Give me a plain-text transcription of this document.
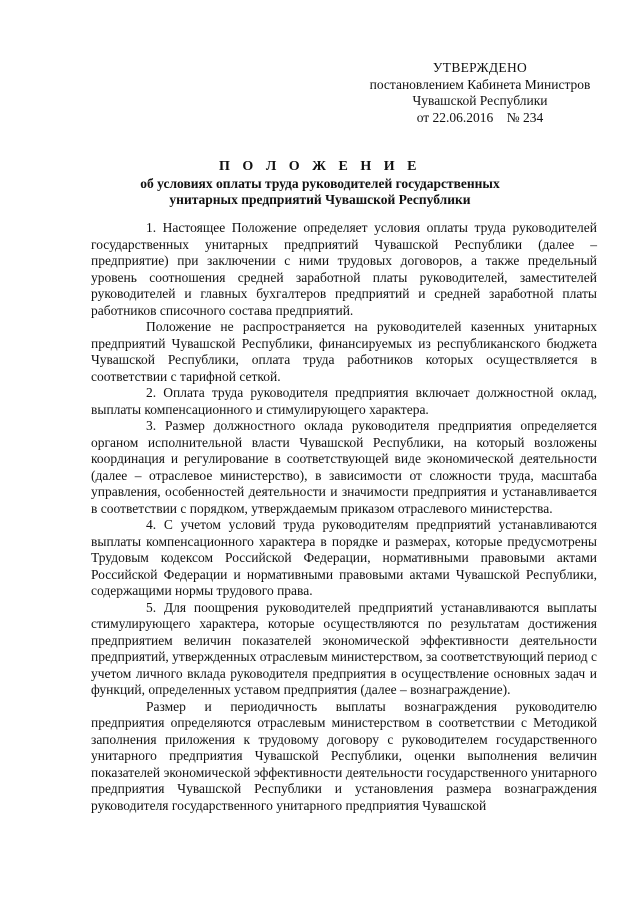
УТВЕРЖДЕНО
постановлением Кабинета Министров
Чувашской Республики
от 22.06.2016    № 234
П О Л О Ж Е Н И Е
об условиях оплаты труда руководителей государственных
унитарных предприятий Чувашской Республики

1. Настоящее Положение определяет условия оплаты труда руководителей государственных унитарных предприятий Чувашской Республики (далее – предприятие) при заключении с ними трудовых договоров, а также предельный уровень соотношения средней заработной платы руководителей, заместителей руководителей и главных бухгалтеров предприятий и средней заработной платы работников списочного состава предприятий.

Положение не распространяется на руководителей казенных унитарных предприятий Чувашской Республики, финансируемых из республиканского бюджета Чувашской Республики, оплата труда работников которых осуществляется в соответствии с тарифной сеткой.

2. Оплата труда руководителя предприятия включает должностной оклад, выплаты компенсационного и стимулирующего характера.

3. Размер должностного оклада руководителя предприятия определяется органом исполнительной власти Чувашской Республики, на который возложены координация и регулирование в соответствующей виде экономической деятельности (далее – отраслевое министерство), в зависимости от сложности труда, масштаба управления, особенностей деятельности и значимости предприятия и устанавливается в соответствии с порядком, утверждаемым приказом отраслевого министерства.

4. С учетом условий труда руководителям предприятий устанавливаются выплаты компенсационного характера в порядке и размерах, которые предусмотрены Трудовым кодексом Российской Федерации, нормативными правовыми актами Российской Федерации и нормативными правовыми актами Чувашской Республики, содержащими нормы трудового права.

5. Для поощрения руководителей предприятий устанавливаются выплаты стимулирующего характера, которые осуществляются по результатам достижения предприятием величин показателей экономической эффективности деятельности предприятий, утвержденных отраслевым министерством, за соответствующий период с учетом личного вклада руководителя предприятия в осуществление основных задач и функций, определенных уставом предприятия (далее – вознаграждение).

Размер и периодичность выплаты вознаграждения руководителю предприятия определяются отраслевым министерством в соответствии с Методикой заполнения приложения к трудовому договору с руководителем государственного унитарного предприятия Чувашской Республики, оценки выполнения величин показателей экономической эффективности деятельности государственного унитарного предприятия Чувашской Республики и установления размера вознаграждения руководителя государственного унитарного предприятия Чувашской
